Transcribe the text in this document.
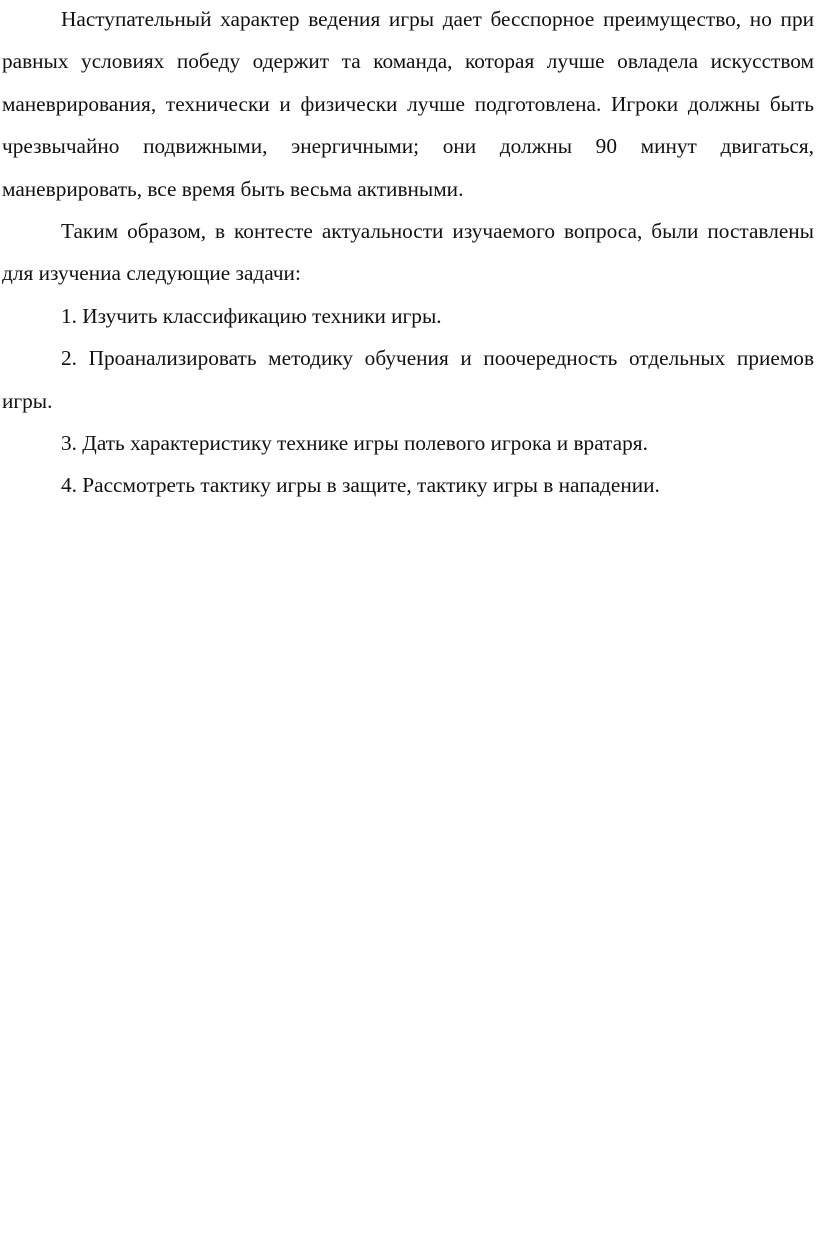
Наступательный характер ведения игры дает бесспорное преимущество, но при равных условиях победу одержит та команда, которая лучше овладела искусством маневрирования, технически и физически лучше подготовлена. Игроки должны быть чрезвычайно подвижными, энергичными; они должны 90 минут двигаться, маневрировать, все время быть весьма активными.

Таким образом, в контесте актуальности изучаемого вопроса, были поставлены для изучениа следующие задачи:

1. Изучить классификацию техники игры.

2. Проанализировать методику обучения и поочередность отдельных приемов игры.

3. Дать характеристику технике игры полевого игрока и вратаря.

4. Рассмотреть тактику игры в защите, тактику игры в нападении.
